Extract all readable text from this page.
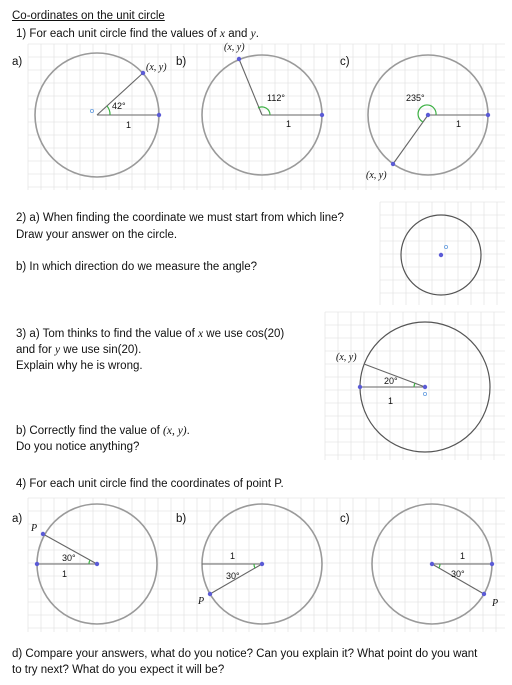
42°
1
(x, y)
112°
1
(x, y)
235°
1
(x, y)
20°
1
(x, y)
30°
1
P
30°
1
P
30°
1
P
Co-ordinates on the unit circle
1) For each unit circle find the values of x and y.
a)	b)	c)
2) a) When finding the coordinate we must start from which line?
Draw your answer on the circle.
b) In which direction do we measure the angle?
3) a) Tom thinks to find the value of x we use cos(20)
and for y we use sin(20).
Explain why he is wrong.
b) Correctly find the value of (x, y).
Do you notice anything?
4) For each unit circle find the coordinates of point P.
a)	b)	c)
d) Compare your answers, what do you notice? Can you explain it? What point do you want
to try next? What do you expect it will be?
